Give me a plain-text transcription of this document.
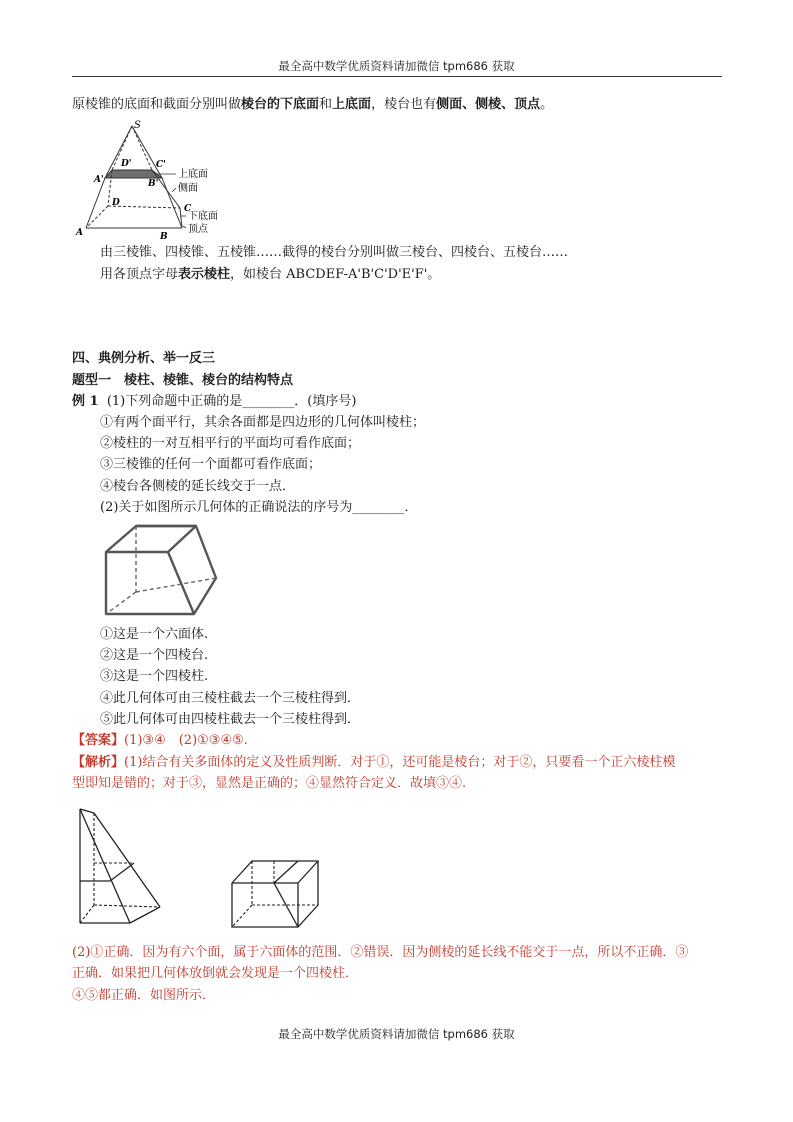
最全高中数学优质资料请加微信 tpm686 获取
原棱锥的底面和截面分别叫做棱台的下底面和上底面，棱台也有侧面、侧棱、顶点。
S
D'	C'
A'	B'
D
C
A	B
上底面
侧面
下底面
顶点
由三棱锥、四棱锥、五棱锥……截得的棱台分别叫做三棱台、四棱台、五棱台……
用各顶点字母表示棱柱，如棱台 ABCDEF-A'B'C'D'E'F'。
四、典例分析、举一反三
题型一　棱柱、棱锥、棱台的结构特点
例 1 (1)下列命题中正确的是________．(填序号)
①有两个面平行，其余各面都是四边形的几何体叫棱柱；
②棱柱的一对互相平行的平面均可看作底面；
③三棱锥的任何一个面都可看作底面；
④棱台各侧棱的延长线交于一点．
(2)关于如图所示几何体的正确说法的序号为________．
①这是一个六面体.
②这是一个四棱台.
③这是一个四棱柱.
④此几何体可由三棱柱截去一个三棱柱得到．
⑤此几何体可由四棱柱截去一个三棱柱得到．
【答案】(1)③④　(2)①③④⑤.
【解析】(1)结合有关多面体的定义及性质判断．对于①，还可能是棱台；对于②，只要看一个正六棱柱模
型即知是错的；对于③，显然是正确的；④显然符合定义．故填③④.
(2)①正确．因为有六个面，属于六面体的范围．②错误．因为侧棱的延长线不能交于一点，所以不正确．③
正确．如果把几何体放倒就会发现是一个四棱柱．
④⑤都正确．如图所示．
最全高中数学优质资料请加微信 tpm686 获取
